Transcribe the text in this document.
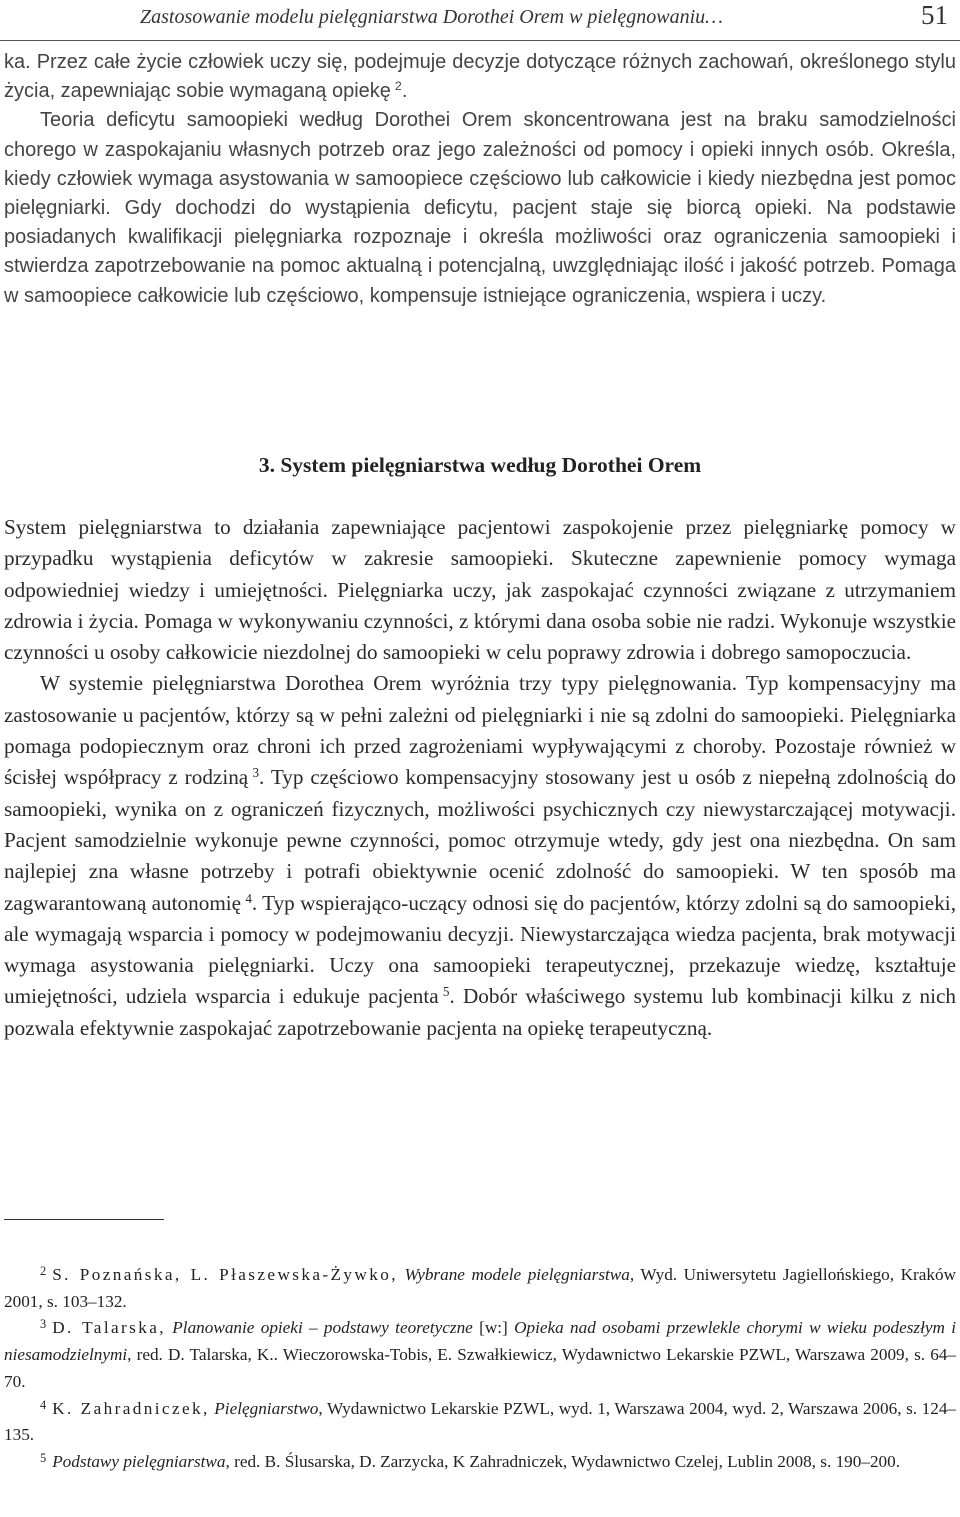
Zastosowanie modelu pielęgniarstwa Dorothei Orem w pielęgnowaniu…	51

ka. Przez całe życie człowiek uczy się, podejmuje decyzje dotyczące różnych zachowań, określonego stylu życia, zapewniając sobie wymaganą opiekę  $^2$.

Teoria deficytu samoopieki według Dorothei Orem skoncentrowana jest na braku samodzielności chorego w zaspokajaniu własnych potrzeb oraz jego zależności od pomocy i opieki innych osób. Określa, kiedy człowiek wymaga asystowania w samoopiece częściowo lub całkowicie i kiedy niezbędna jest pomoc pielęgniarki. Gdy dochodzi do wystąpienia deficytu, pacjent staje się biorcą opieki. Na podstawie posiadanych kwalifikacji pielęgniarka rozpoznaje i określa możliwości oraz ograniczenia samoopieki i stwierdza zapotrzebowanie na pomoc aktualną i potencjalną, uwzględniając ilość i jakość potrzeb. Pomaga w samoopiece całkowicie lub częściowo, kompensuje istniejące ograniczenia, wspiera i uczy.

3. System pielęgniarstwa według Dorothei Orem

System pielęgniarstwa to działania zapewniające pacjentowi zaspokojenie przez pielęgniarkę pomocy w przypadku wystąpienia deficytów w zakresie samoopieki. Skuteczne zapewnienie pomocy wymaga odpowiedniej wiedzy i umiejętności. Pielęgniarka uczy, jak zaspokajać czynności związane z utrzymaniem zdrowia i życia. Pomaga w wykonywaniu czynności, z którymi dana osoba sobie nie radzi. Wykonuje wszystkie czynności u osoby całkowicie niezdolnej do samoopieki w celu poprawy zdrowia i dobrego samopoczucia.

W systemie pielęgniarstwa Dorothea Orem wyróżnia trzy typy pielęgnowania. Typ kompensacyjny ma zastosowanie u pacjentów, którzy są w pełni zależni od pielęgniarki i nie są zdolni do samoopieki. Pielęgniarka pomaga podopiecznym oraz chroni ich przed zagrożeniami wypływającymi z choroby. Pozostaje również w ścisłej współpracy z rodziną  $^3$. Typ częściowo kompensacyjny stosowany jest u osób z niepełną zdolnością do samoopieki, wynika on z ograniczeń fizycznych, możliwości psychicznych czy niewystarczającej motywacji. Pacjent samodzielnie wykonuje pewne czynności, pomoc otrzymuje wtedy, gdy jest ona niezbędna. On sam najlepiej zna własne potrzeby i potrafi obiektywnie ocenić zdolność do samoopieki. W ten sposób ma zagwarantowaną autonomię  $^4$. Typ wspierająco-uczący odnosi się do pacjentów, którzy zdolni są do samoopieki, ale wymagają wsparcia i pomocy w podejmowaniu decyzji. Niewystarczająca wiedza pacjenta, brak motywacji wymaga asystowania pielęgniarki. Uczy ona samoopieki terapeutycznej, przekazuje wiedzę, kształtuje umiejętności, udziela wsparcia i edukuje pacjenta  $^5$. Dobór właściwego systemu lub kombinacji kilku z nich pozwala efektywnie zaspokajać zapotrzebowanie pacjenta na opiekę terapeutyczną.

$^2$ S. Poznańska, L. Płaszewska-Żywko, Wybrane modele pielęgniarstwa, Wyd. Uniwersytetu Jagiellońskiego, Kraków 2001, s. 103–132.

$^3$ D. Talarska, Planowanie opieki – podstawy teoretyczne [w:] Opieka nad osobami przewlekle chorymi w wieku podeszłym i niesamodzielnymi, red. D. Talarska, K.. Wieczorowska-Tobis, E. Szwałkiewicz, Wydawnictwo Lekarskie PZWL, Warszawa 2009, s. 64–70.

$^4$ K. Zahradniczek, Pielęgniarstwo, Wydawnictwo Lekarskie PZWL, wyd. 1, Warszawa 2004, wyd. 2, Warszawa 2006, s. 124–135.

$^5$ Podstawy pielęgniarstwa, red. B. Ślusarska, D. Zarzycka, K Zahradniczek, Wydawnictwo Czelej, Lublin 2008, s. 190–200.
